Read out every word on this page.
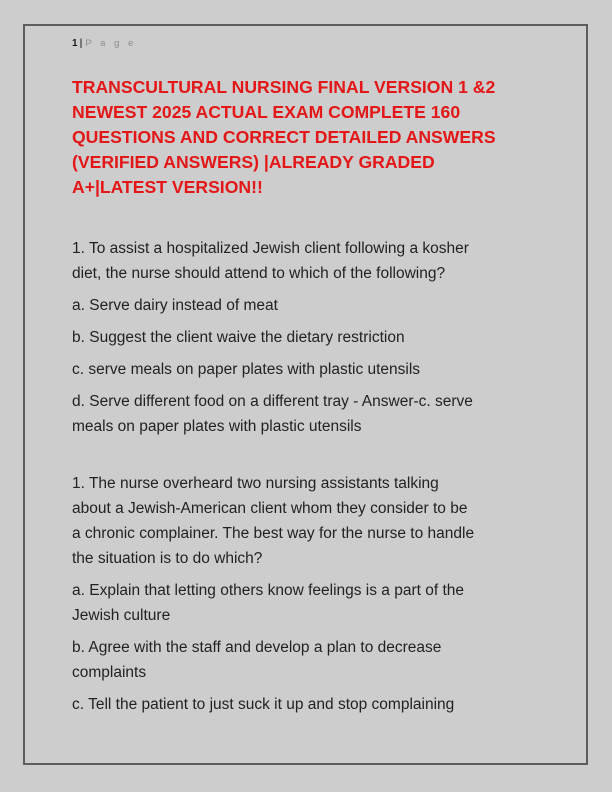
1 | P a g e
TRANSCULTURAL NURSING FINAL VERSION 1 &2
NEWEST 2025 ACTUAL EXAM COMPLETE 160
QUESTIONS AND CORRECT DETAILED ANSWERS
(VERIFIED ANSWERS) |ALREADY GRADED
A+|LATEST VERSION!!
1. To assist a hospitalized Jewish client following a kosher
diet, the nurse should attend to which of the following?
a. Serve dairy instead of meat
b. Suggest the client waive the dietary restriction
c. serve meals on paper plates with plastic utensils
d. Serve different food on a different tray - Answer-c. serve
meals on paper plates with plastic utensils
1. The nurse overheard two nursing assistants talking
about a Jewish-American client whom they consider to be
a chronic complainer. The best way for the nurse to handle
the situation is to do which?
a. Explain that letting others know feelings is a part of the
Jewish culture
b. Agree with the staff and develop a plan to decrease
complaints
c. Tell the patient to just suck it up and stop complaining
